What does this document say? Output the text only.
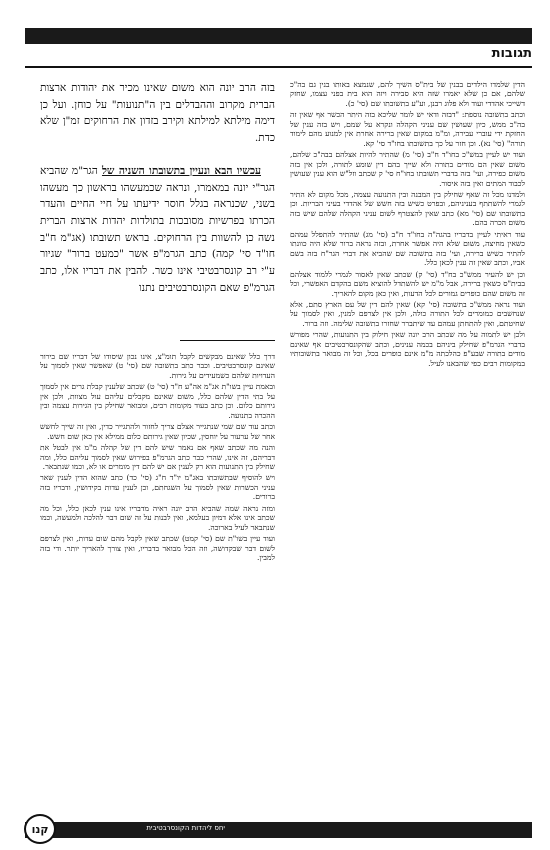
תגובות

הדין שלמדו הילדים בבנין של בית"ס השיך להם, שנמצא באותו בנין גם בה"כ שלהם, אם כן שלא יאמרו שזה היא סבירה ויזה הוא בית בפני עצמו, שחזק דשייכי אהדדי ועוד ולא פלוג רבנן, וע"ע בתשובתו שם (סי' כ).

וכתב בתשובה נוספת: "דבזה ודאי יש לומר שליכא בזה היתר הכשר אף שאין זה בה"כ ממש, כיון שעושין שם עניני הקהלה ונקרא על שמם, ויש בזה ענין של החזקת ידי עוברי עבירה, ומ"מ במקום שאין ברירה אחרת אין למנוע מהם לימוד תורה" (סי' נא). וכן חזר על כך בתשובתו בחו"ד סי' קא.

ועוד יש לעיין במש"כ בחו"ד ח"ב (סי' מ) שהתיר להיות אצלהם בבה"כ שלהם, משום שאין הם מודים בתורה ולא שייך בהם דין שומע לתורה, ולכן אין בזה משום כפירה, ועי' בזה בדברי תשובתו בחו"ח סי' ק שכתב וזל"ש הוא ענין שעושין לכבוד המתים ואין בזה איסור.

ולמדנו מכל זה שאף שחילק בין המבנה ובין התנועה עצמה, מכל מקום לא התיר לגמרי להשתתף בעניניהם, ובפרט כשיש בזה חשש של אהדדי בעיני הבריות. וכן בתשובתו שם (סי' מא) כתב שאין להצטרף לשום עניני הקהלה שלהם שיש בזה משום הכרה בהם.

עוד ראיתי לעיין בדבריו בהגה"ה בחו"ד ח"ב (סי' מג) שהתיר להתפלל עמהם כשאין מחיצה, משום שלא היה אפשר אחרת, ובזה נראה ברור שלא היה כוונתו להתיר כשיש ברירה, ועי' בזה בתשובה שם שהביא את דברי הגר"ח בזה בשם אביו, וכתב שאין זה ענין לכאן כלל.

וכן יש להעיר ממש"כ בח"ד (סי' ק) שכתב שאין לאסור לגמרי ללמוד אצלהם בבית"ס כשאין ברירה, אבל מ"מ יש להשתדל להוציא משם בהקדם האפשרי, וכל זה משום שהם כופרים גמורים לכל הדעות, ואין כאן מקום להאריך.

ועוד נראה ממש"כ בתשובה (סי' קא) שאין להם דין של עם הארץ סתם, אלא שנחשבים כמומרים לכל התורה כולה, ולכן אין לצרפם למנין, ואין לסמוך על שחיטתם, ואין להתחתן עמהם עד שיתברר שחזרו בתשובה שלימה. וזה ברור.

ולכן יש לתמוה על מה שכתב הרב יונה שאין חילוק בין התנועות, שהרי מפורש בדברי הגרמ"פ שחילק ביניהם בכמה ענינים, וכתב שהקונסרבטיבים אף שאינם מודים בתורה שבע"פ כהלכתה מ"מ אינם כופרים בכל, וכל זה מבואר בתשובותיו במקומות רבים כפי שהבאנו לעיל.

בזה הרב יונה הוא משום שאינו מכיר את יהודות ארצות הברית מקרוב וההבדלים בין ה"תנועות" על כוחן. ועל כן דימה מילתא למילתא וקירב בזדון את הרחוקים זמ"ן שלא כדת.

עכשיו הבא ונעיין בתשובתו השניה של הגר"מ שהביא הגר"י יונה במאמרו, ונראה שכמעשהו בראשון כך מעשהו בשני, שכנראה בגלל חוסר ידיעתו על חיי החיים והעדר הכרתו בפרשיות מסובכות בתולדות יהדות ארצות הברית נשה כן להשוות בין הרחוקים. בראש תשובתו (אג"מ ח"ב חו"ד סי' קמה) כתב הגרמ"פ אשר "כמעט ברור" שגיור ע"י רב קונסרבטיבי אינו כשר. להבין את דבריו אלו, כתב הגרמ"פ שאם הקונסרבטיבים נתנו

דרך כלל שאינם מבקשים לקבל תומ"צ, אינו נכון שיסודו של דבריו שם בירור שאינם קונסרבטיבים. וכבר כתב בתשובה שם (סי' ט) שאפשר שאין לסמוך על העדויות שלהם כשמעידים על גירות.

ובאמת עיין בשו"ת אג"מ אה"ע ח"ד (סי' ט) שכתב שלענין קבלת גרים אין לסמוך על בתי הדין שלהם כלל, משום שאינם מקבלים עליהם עול מצוות, ולכן אין גירותם כלום. וכן כתב בעוד מקומות רבים, ומבואר שחילק בין הגירות עצמה ובין ההכרה בתנועה.

וכתב עוד שם שמי שנתגייר אצלם צריך לחזור ולהתגייר כדין, ואין זה שייך לחשש אחר של ערעור על יוחסין, שכיון שאין גירותם כלום ממילא אין כאן שום חשש.

והנה מה שכתב שאף אם נאמר שיש להם דין של קהלה מ"מ אין לבטל את דבריהם, זה אינו, שהרי כבר כתב הגרמ"פ בפירוש שאין לסמוך עליהם כלל, ומה שחילק בין התנועות הוא רק לענין אם יש להם דין מומרים או לא, וכמו שנתבאר.

ויש להוסיף שבתשובתו באג"מ יו"ד ח"ג (סי' כד) כתב שהוא הדין לענין שאר עניני הכשרות שאין לסמוך על השגחתם, וכן לענין עדות בקידושין, ודבריו בזה ברורים.

ומזה נראה שמה שהביא הרב יונה ראיה מדבריו אינו ענין לכאן כלל, וכל מה שכתב אינו אלא דמיון בעלמא, ואין לבנות על זה שום דבר להלכה ולמעשה, וכמו שנתבאר לעיל בארוכה.

ועוד עיין בשו"ת שם (סי' קמט) שכתב שאין לקבל מהם שום עדות, ואין לצרפם לשום דבר שבקדושה, וזה הכל מבואר בדבריו, ואין צורך להאריך יותר. ודי בזה למבין.

יחס ליהדות הקונסרבטיבית
קנו
